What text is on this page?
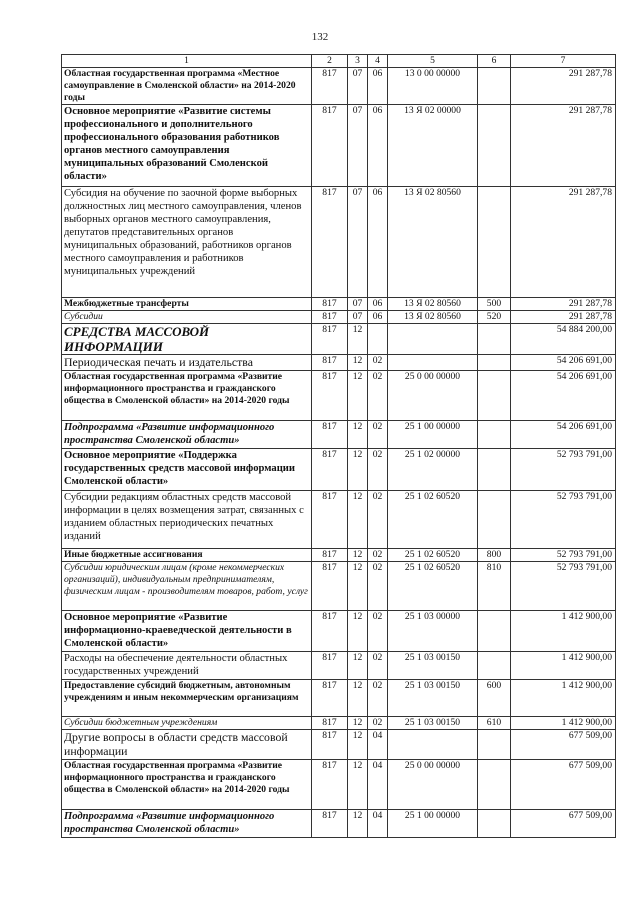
132
1	2	3	4	5	6	7
Областная государственная программа «Местное самоуправление в Смоленской области» на 2014-2020 годы	817	07	06	13 0 00 00000		291 287,78
Основное мероприятие «Развитие системы профессионального и дополнительного профессионального образования работников органов местного самоуправления муниципальных образований Смоленской области»	817	07	06	13 Я 02 00000		291 287,78
Субсидия на обучение по заочной форме выборных должностных лиц местного самоуправления, членов выборных органов местного самоуправления, депутатов представительных органов муниципальных образований, работников органов местного самоуправления и работников муниципальных учреждений	817	07	06	13 Я 02 80560		291 287,78
Межбюджетные трансферты	817	07	06	13 Я 02 80560	500	291 287,78
Субсидии	817	07	06	13 Я 02 80560	520	291 287,78
СРЕДСТВА МАССОВОЙ ИНФОРМАЦИИ	817	12				54 884 200,00
Периодическая печать и издательства	817	12	02			54 206 691,00
Областная государственная программа «Развитие информационного пространства и гражданского общества в Смоленской области» на 2014-2020 годы	817	12	02	25 0 00 00000		54 206 691,00
Подпрограмма «Развитие информационного пространства Смоленской области»	817	12	02	25 1 00 00000		54 206 691,00
Основное мероприятие «Поддержка государственных средств массовой информации Смоленской области»	817	12	02	25 1 02 00000		52 793 791,00
Субсидии редакциям областных средств массовой информации в целях возмещения затрат, связанных с изданием областных периодических печатных изданий	817	12	02	25 1 02 60520		52 793 791,00
Иные бюджетные ассигнования	817	12	02	25 1 02 60520	800	52 793 791,00
Субсидии юридическим лицам (кроме некоммерческих организаций), индивидуальным предпринимателям, физическим лицам - производителям товаров, работ, услуг	817	12	02	25 1 02 60520	810	52 793 791,00
Основное мероприятие «Развитие информационно-краеведческой деятельности в Смоленской области»	817	12	02	25 1 03 00000		1 412 900,00
Расходы на обеспечение деятельности областных государственных учреждений	817	12	02	25 1 03 00150		1 412 900,00
Предоставление субсидий бюджетным, автономным учреждениям и иным некоммерческим организациям	817	12	02	25 1 03 00150	600	1 412 900,00
Субсидии бюджетным учреждениям	817	12	02	25 1 03 00150	610	1 412 900,00
Другие вопросы в области средств массовой информации	817	12	04			677 509,00
Областная государственная программа «Развитие информационного пространства и гражданского общества в Смоленской области» на 2014-2020 годы	817	12	04	25 0 00 00000		677 509,00
Подпрограмма «Развитие информационного пространства Смоленской области»	817	12	04	25 1 00 00000		677 509,00
